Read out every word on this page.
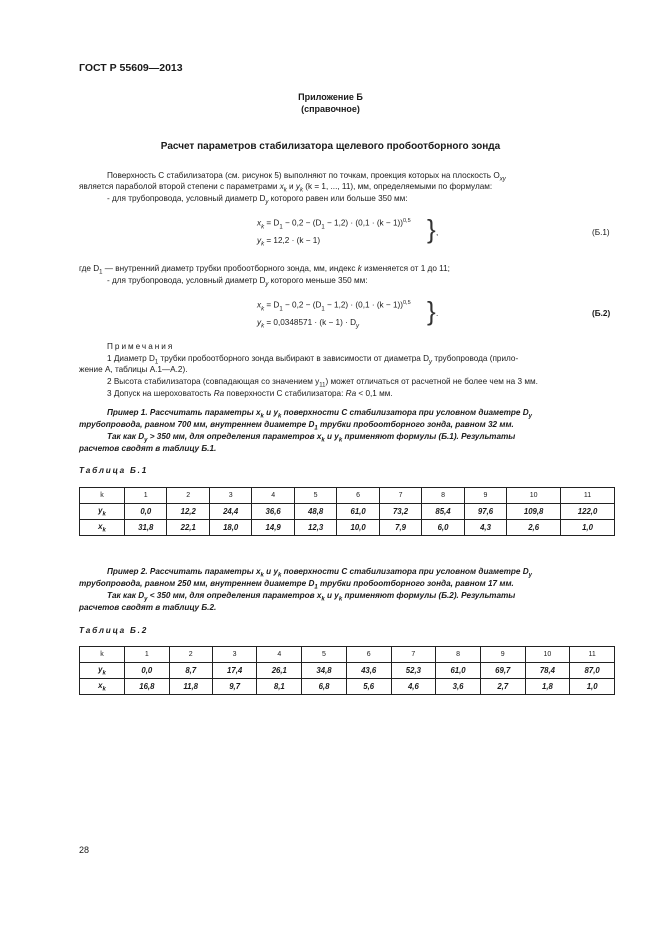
ГОСТ Р 55609—2013
Приложение Б
(справочное)
Расчет параметров стабилизатора щелевого пробоотборного зонда
Поверхность С стабилизатора (см. рисунок 5) выполняют по точкам, проекция которых на плоскость $O_{xy}$
является параболой второй степени с параметрами $x_k$ и $y_k$ (k = 1, ..., 11), мм, определяемыми по формулам:
- для трубопровода, условный диаметр $D_y$ которого равен или больше 350 мм:
$x_k = D_1 - 0,2 - (D_1 - 1,2) \cdot (0,1 \cdot (k - 1))^{0,5}$
$y_k = 12,2 \cdot (k - 1)$	} ,	(Б.1)
где $D_1$ — внутренний диаметр трубки пробоотборного зонда, мм, индекс k изменяется от 1 до 11;
- для трубопровода, условный диаметр $D_y$ которого меньше 350 мм:
$x_k = D_1 - 0,2 - (D_1 - 1,2) \cdot (0,1 \cdot (k - 1))^{0,5}$
$y_k = 0,0348571 \cdot (k - 1) \cdot D_y$
} .	(Б.2)
Примечания
1 Диаметр $D_1$ трубки пробоотборного зонда выбирают в зависимости от диаметра $D_y$ трубопровода (прило-
жение А, таблицы А.1—А.2).
2 Высота стабилизатора (совпадающая со значением $y_{11}$) может отличаться от расчетной не более чем на 3 мм.
3 Допуск на шероховатость Ra поверхности С стабилизатора: Ra < 0,1 мм.
Пример 1. Рассчитать параметры $x_k$ и $y_k$ поверхности С стабилизатора при условном диаметре $D_y$
трубопровода, равном 700 мм, внутреннем диаметре $D_1$ трубки пробоотборного зонда, равном 32 мм.
Так как $D_y > 350$ мм, для определения параметров $x_k$ и $y_k$ применяют формулы (Б.1). Результаты
расчетов сводят в таблицу Б.1.
Таблица Б.1
k	1	2	3	4	5	6	7	8	9	10	11
$y_k$	0,0	12,2	24,4	36,6	48,8	61,0	73,2	85,4	97,6	109,8	122,0
$x_k$	31,8	22,1	18,0	14,9	12,3	10,0	7,9	6,0	4,3	2,6	1,0
Пример 2. Рассчитать параметры $x_k$ и $y_k$ поверхности С стабилизатора при условном диаметре $D_y$
трубопровода, равном 250 мм, внутреннем диаметре $D_1$ трубки пробоотборного зонда, равном 17 мм.
Так как $D_y < 350$ мм, для определения параметров $x_k$ и $y_k$ применяют формулы (Б.2). Результаты
расчетов сводят в таблицу Б.2.
Таблица Б.2
k	1	2	3	4	5	6	7	8	9	10	11
$y_k$	0,0	8,7	17,4	26,1	34,8	43,6	52,3	61,0	69,7	78,4	87,0
$x_k$	16,8	11,8	9,7	8,1	6,8	5,6	4,6	3,6	2,7	1,8	1,0
28
